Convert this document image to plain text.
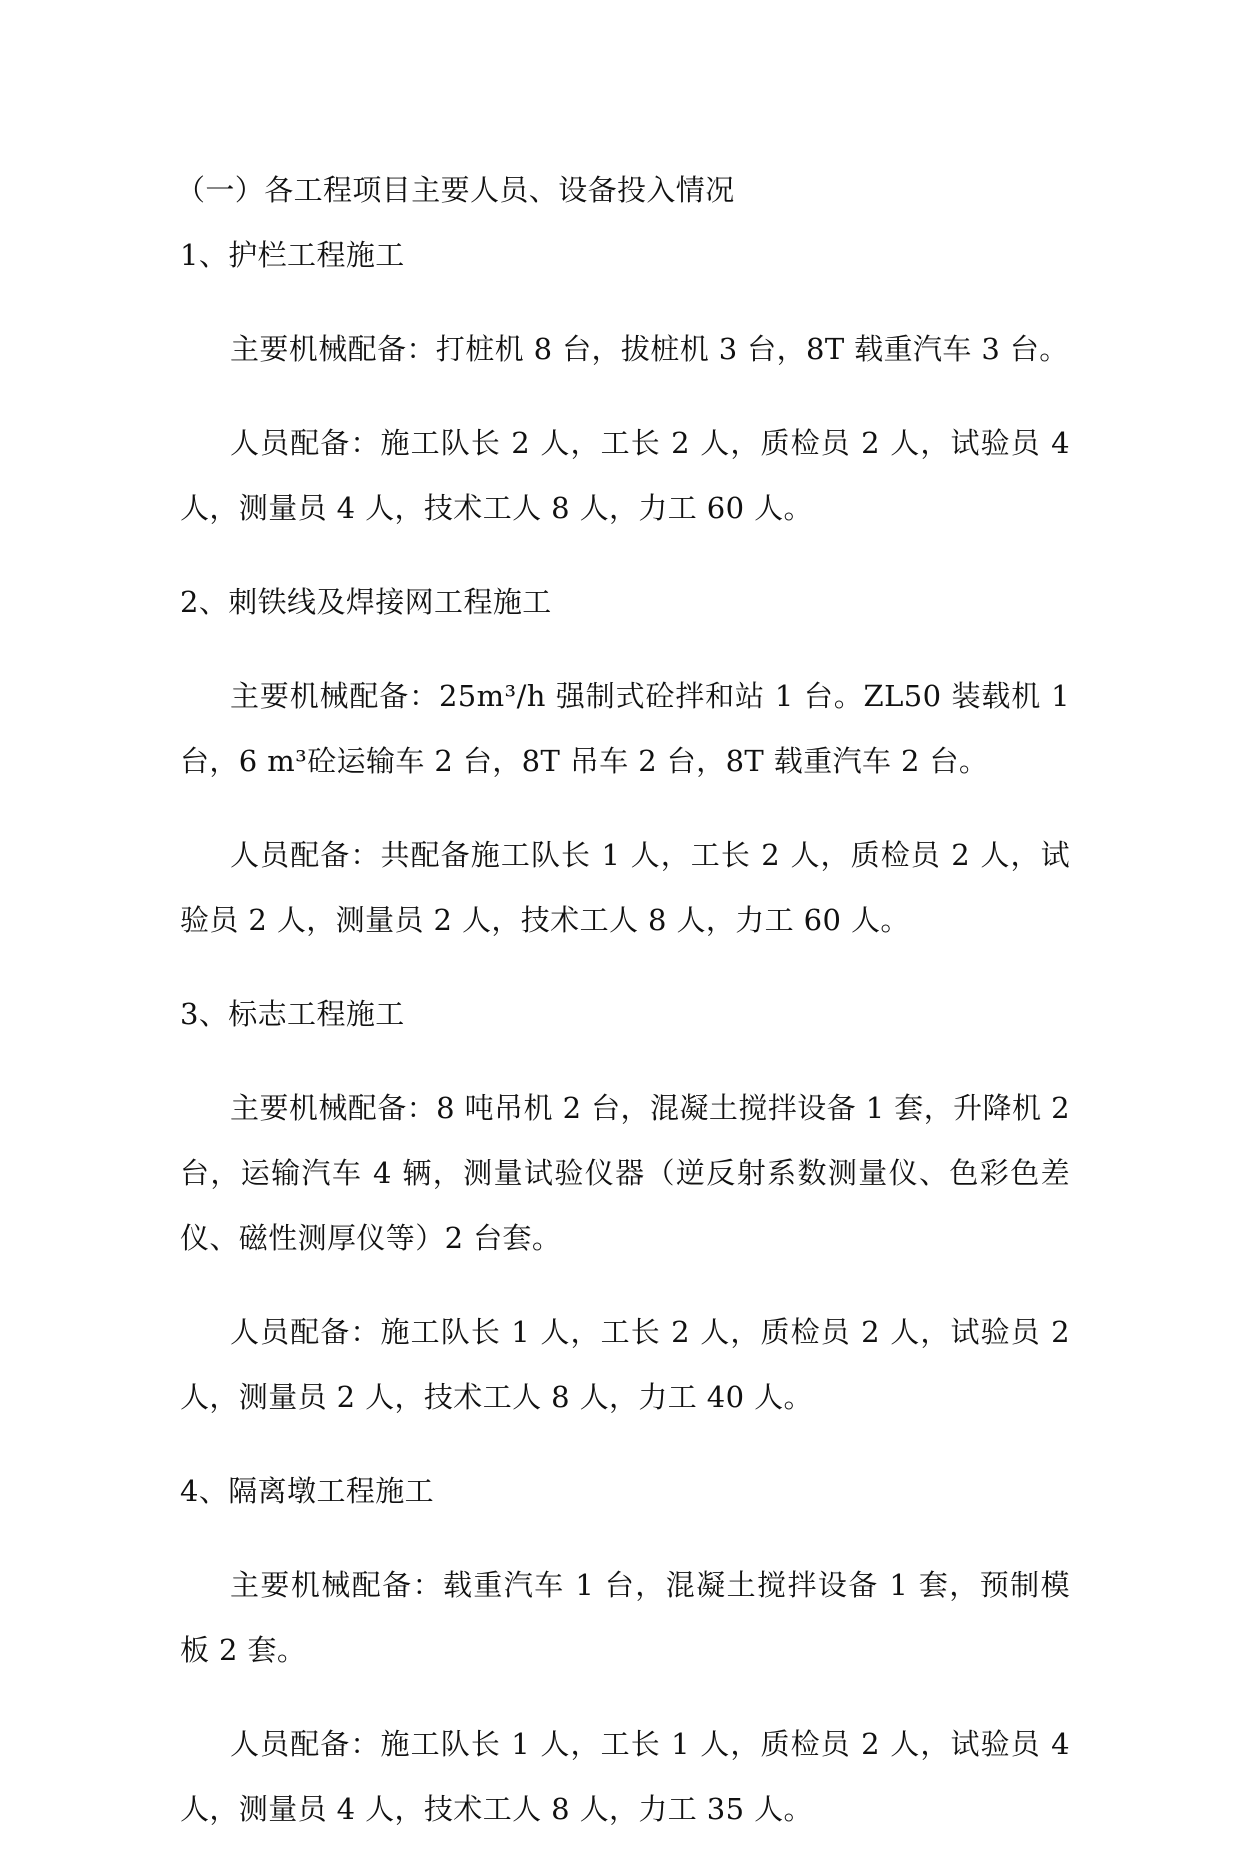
（一）各工程项目主要人员、设备投入情况

1、护栏工程施工

主要机械配备：打桩机 8 台，拔桩机 3 台，8T 载重汽车 3 台。

人员配备：施工队长 2 人，工长 2 人，质检员 2 人，试验员 4 人，测量员 4 人，技术工人 8 人，力工 60 人。

2、刺铁线及焊接网工程施工

主要机械配备：25m³/h 强制式砼拌和站 1 台。ZL50 装载机 1 台，6 m³砼运输车 2 台，8T 吊车 2 台，8T 载重汽车 2 台。

人员配备：共配备施工队长 1 人，工长 2 人，质检员 2 人，试验员 2 人，测量员 2 人，技术工人 8 人，力工 60 人。

3、标志工程施工

主要机械配备：8 吨吊机 2 台，混凝土搅拌设备 1 套，升降机 2 台，运输汽车 4 辆，测量试验仪器（逆反射系数测量仪、色彩色差仪、磁性测厚仪等）2 台套。

人员配备：施工队长 1 人，工长 2 人，质检员 2 人，试验员 2 人，测量员 2 人，技术工人 8 人，力工 40 人。

4、隔离墩工程施工

主要机械配备：载重汽车 1 台，混凝土搅拌设备 1 套，预制模板 2 套。

人员配备：施工队长 1 人，工长 1 人，质检员 2 人，试验员 4 人，测量员 4 人，技术工人 8 人，力工 35 人。
